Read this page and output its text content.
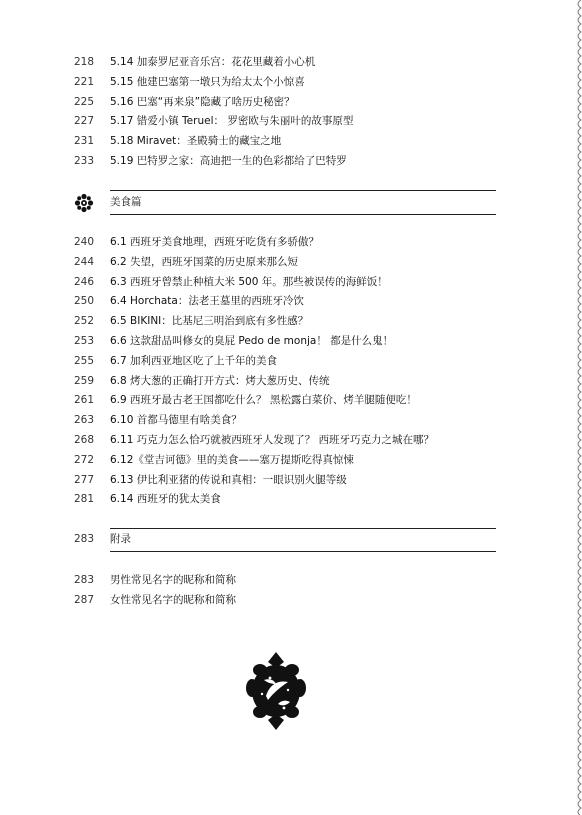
218 5.14 加泰罗尼亚音乐宫：花花里藏着小心机
221 5.15 他建巴塞第一墩只为给太太个小惊喜
225 5.16 巴塞“再来泉”隐藏了啥历史秘密？
227 5.17 错爱小镇 Teruel： 罗密欧与朱丽叶的故事原型
231 5.18 Miravet：圣殿骑士的藏宝之地
233 5.19 巴特罗之家：高迪把一生的色彩都给了巴特罗
美食篇
240 6.1 西班牙美食地理，西班牙吃货有多骄傲？
244 6.2 失望，西班牙国菜的历史原来那么短
246 6.3 西班牙曾禁止种植大米 500 年。那些被误传的海鲜饭！
250 6.4 Horchata：法老王墓里的西班牙冷饮
252 6.5 BIKINI：比基尼三明治到底有多性感？
253 6.6 这款甜品叫修女的臭屁 Pedo de monja！ 都是什么鬼！
255 6.7 加利西亚地区吃了上千年的美食
259 6.8 烤大葱的正确打开方式：烤大葱历史、传统
261 6.9 西班牙最古老王国都吃什么？ 黑松露白菜价、烤羊腿随便吃！
263 6.10 首都马德里有啥美食？
268 6.11 巧克力怎么恰巧就被西班牙人发现了？ 西班牙巧克力之城在哪？
272 6.12《堂吉诃德》里的美食——塞万提斯吃得真惊悚
277 6.13 伊比利亚猪的传说和真相：一眼识别火腿等级
281 6.14 西班牙的犹太美食
283 附录
283 男性常见名字的昵称和简称
287 女性常见名字的昵称和简称
